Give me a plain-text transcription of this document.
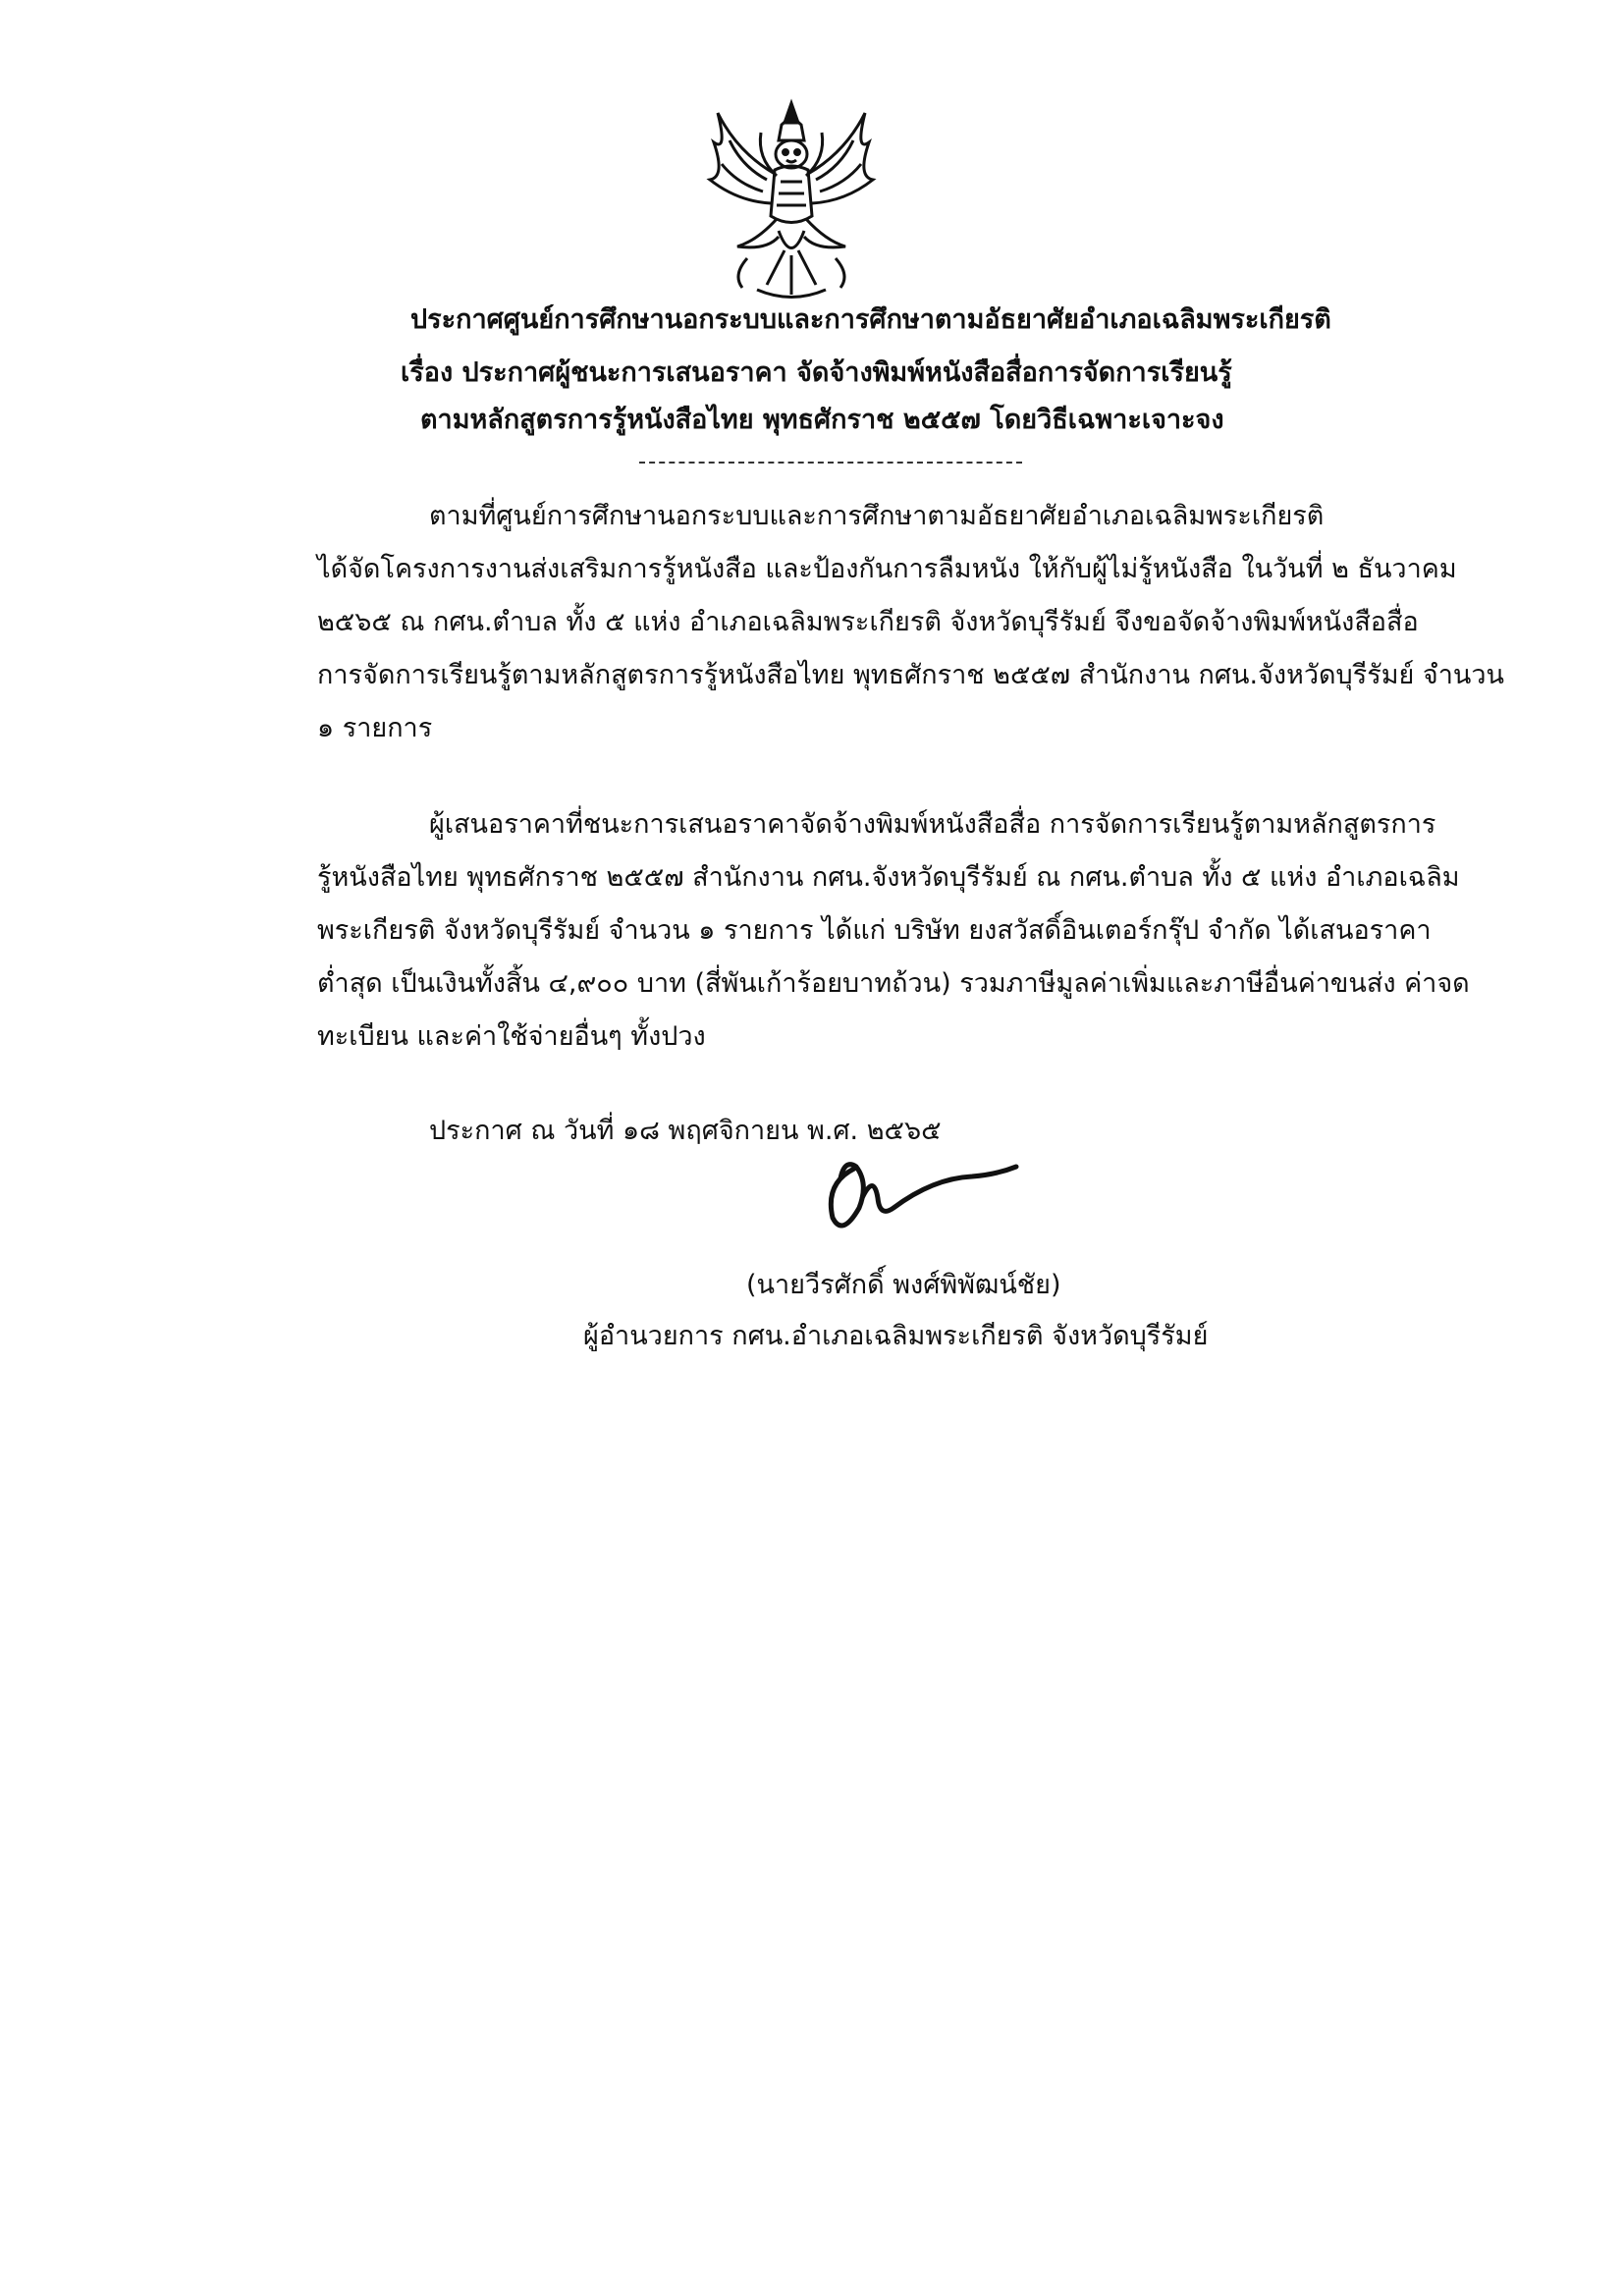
ประกาศศูนย์การศึกษานอกระบบและการศึกษาตามอัธยาศัยอำเภอเฉลิมพระเกียรติ
เรื่อง ประกาศผู้ชนะการเสนอราคา จัดจ้างพิมพ์หนังสือสื่อการจัดการเรียนรู้
ตามหลักสูตรการรู้หนังสือไทย พุทธศักราช ๒๕๕๗ โดยวิธีเฉพาะเจาะจง
ตามที่ศูนย์การศึกษานอกระบบและการศึกษาตามอัธยาศัยอำเภอเฉลิมพระเกียรติ
ได้จัดโครงการงานส่งเสริมการรู้หนังสือ และป้องกันการลืมหนัง ให้กับผู้ไม่รู้หนังสือ ในวันที่ ๒ ธันวาคม
๒๕๖๕ ณ กศน.ตำบล ทั้ง ๕ แห่ง อำเภอเฉลิมพระเกียรติ จังหวัดบุรีรัมย์ จึงขอจัดจ้างพิมพ์หนังสือสื่อ
การจัดการเรียนรู้ตามหลักสูตรการรู้หนังสือไทย พุทธศักราช ๒๕๕๗ สำนักงาน กศน.จังหวัดบุรีรัมย์ จำนวน
๑ รายการ
ผู้เสนอราคาที่ชนะการเสนอราคาจัดจ้างพิมพ์หนังสือสื่อ การจัดการเรียนรู้ตามหลักสูตรการ
รู้หนังสือไทย พุทธศักราช ๒๕๕๗ สำนักงาน กศน.จังหวัดบุรีรัมย์ ณ กศน.ตำบล ทั้ง ๕ แห่ง อำเภอเฉลิม
พระเกียรติ จังหวัดบุรีรัมย์ จำนวน ๑ รายการ ได้แก่ บริษัท ยงสวัสดิ์อินเตอร์กรุ๊ป จำกัด ได้เสนอราคา
ต่ำสุด เป็นเงินทั้งสิ้น ๔,๙๐๐ บาท (สี่พันเก้าร้อยบาทถ้วน) รวมภาษีมูลค่าเพิ่มและภาษีอื่นค่าขนส่ง ค่าจด
ทะเบียน และค่าใช้จ่ายอื่นๆ ทั้งปวง
ประกาศ ณ วันที่ ๑๘ พฤศจิกายน พ.ศ. ๒๕๖๕
(นายวีรศักดิ์ พงศ์พิพัฒน์ชัย)
ผู้อำนวยการ กศน.อำเภอเฉลิมพระเกียรติ จังหวัดบุรีรัมย์
